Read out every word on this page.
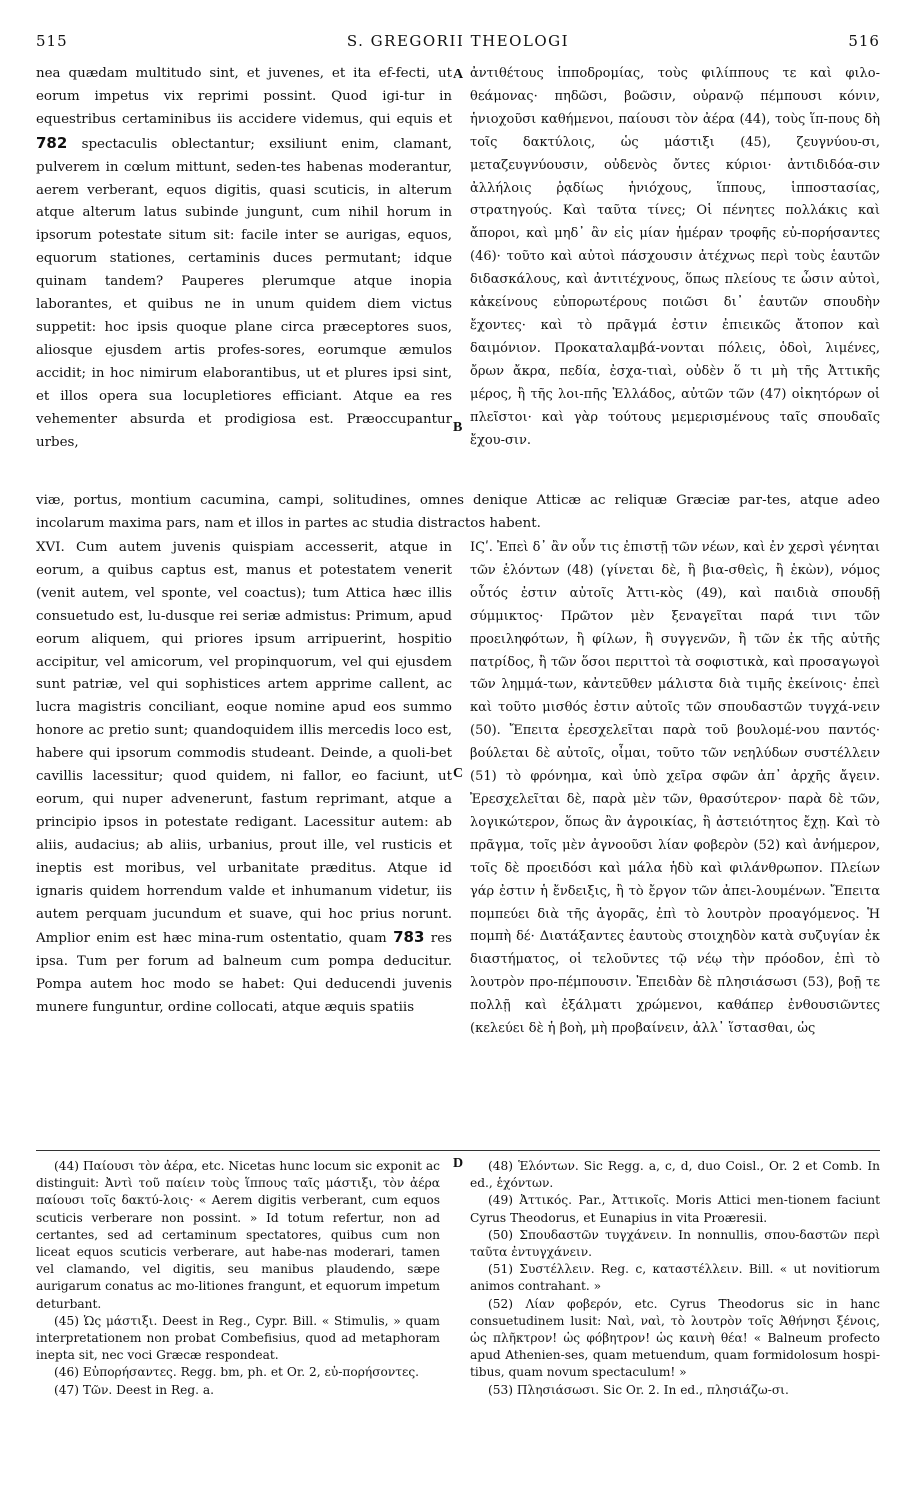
515	S. GREGORII THEOLOGI	516

nea quædam multitudo sint, et juvenes, et ita ef-fecti, ut eorum impetus vix reprimi possint. Quod igi-tur in equestribus certaminibus iis accidere videmus, qui equis et 782 spectaculis oblectantur; exsiliunt enim, clamant, pulverem in cœlum mittunt, seden-tes habenas moderantur, aerem verberant, equos digitis, quasi scuticis, in alterum atque alterum latus subinde jungunt, cum nihil horum in ipsorum potestate situm sit: facile inter se aurigas, equos, equorum stationes, certaminis duces permutant; idque quinam tandem? Pauperes plerumque atque inopia laborantes, et quibus ne in unum quidem diem victus suppetit: hoc ipsis quoque plane circa præceptores suos, aliosque ejusdem artis profes-sores, eorumque æmulos accidit; in hoc nimirum elaborantibus, ut et plures ipsi sint, et illos opera sua locupletiores efficiant. Atque ea res vehementer absurda et prodigiosa est. Præoccupantur urbes,

A
B
C
D

ἀντιθέτους ἱπποδρομίας, τοὺς φιλίππους τε καὶ φιλο-θεάμονας· πηδῶσι, βοῶσιν, οὐρανῷ πέμπουσι κόνιν, ἡνιοχοῦσι καθήμενοι, παίουσι τὸν ἀέρα (44), τοὺς ἵπ-πους δὴ τοῖς δακτύλοις, ὡς μάστιξι (45), ζευγνύου-σι, μεταζευγνύουσιν, οὐδενὸς ὄντες κύριοι· ἀντιδιδόα-σιν ἀλλήλοις ῥᾳδίως ἡνιόχους, ἵππους, ἱπποστασίας, στρατηγούς. Καὶ ταῦτα τίνες; Οἱ πένητες πολλάκις καὶ ἄποροι, καὶ μηδ᾽ ἂν εἰς μίαν ἡμέραν τροφῆς εὐ-πορήσαντες (46)· τοῦτο καὶ αὐτοὶ πάσχουσιν ἀτέχνως περὶ τοὺς ἑαυτῶν διδασκάλους, καὶ ἀντιτέχνους, ὅπως πλείους τε ὦσιν αὐτοὶ, κἀκείνους εὐπορωτέρους ποιῶσι δι᾽ ἑαυτῶν σπουδὴν ἔχοντες· καὶ τὸ πρᾶγμά ἐστιν ἐπιεικῶς ἄτοπον καὶ δαιμόνιον. Προκαταλαμβά-νονται πόλεις, ὁδοὶ, λιμένες, ὄρων ἄκρα, πεδία, ἐσχα-τιαὶ, οὐδὲν ὅ τι μὴ τῆς Ἀττικῆς μέρος, ἢ τῆς λοι-πῆς Ἑλλάδος, αὐτῶν τῶν (47) οἰκητόρων οἱ πλεῖστοι· καὶ γὰρ τούτους μεμερισμένους ταῖς σπουδαῖς ἔχου-σιν.

viæ, portus, montium cacumina, campi, solitudines, omnes denique Atticæ ac reliquæ Græciæ par-tes, atque adeo incolarum maxima pars, nam et illos in partes ac studia distractos habent.

XVI. Cum autem juvenis quispiam accesserit, atque in eorum, a quibus captus est, manus et potestatem venerit (venit autem, vel sponte, vel coactus); tum Attica hæc illis consuetudo est, lu-dusque rei seriæ admistus: Primum, apud eorum aliquem, qui priores ipsum arripuerint, hospitio accipitur, vel amicorum, vel propinquorum, vel qui ejusdem sunt patriæ, vel qui sophistices artem apprime callent, ac lucra magistris conciliant, eoque nomine apud eos summo honore ac pretio sunt; quandoquidem illis mercedis loco est, habere qui ipsorum commodis studeant. Deinde, a quoli-bet cavillis lacessitur; quod quidem, ni fallor, eo faciunt, ut eorum, qui nuper advenerunt, fastum reprimant, atque a principio ipsos in potestate redigant. Lacessitur autem: ab aliis, audacius; ab aliis, urbanius, prout ille, vel rusticis et ineptis est moribus, vel urbanitate præditus. Atque id ignaris quidem horrendum valde et inhumanum videtur, iis autem perquam jucundum et suave, qui hoc prius norunt. Amplior enim est hæc mina-rum ostentatio, quam 783 res ipsa. Tum per forum ad balneum cum pompa deducitur. Pompa autem hoc modo se habet: Qui deducendi juvenis munere funguntur, ordine collocati, atque æquis spatiis

ΙϚʹ. Ἐπεὶ δ᾽ ἂν οὖν τις ἐπιστῇ τῶν νέων, καὶ ἐν χερσὶ γένηται τῶν ἑλόντων (48) (γίνεται δὲ, ἢ βια-σθεὶς, ἢ ἑκὼν), νόμος οὗτός ἐστιν αὐτοῖς Ἀττι-κὸς (49), καὶ παιδιὰ σπουδῇ σύμμικτος· Πρῶτον μὲν ξεναγεῖται παρά τινι τῶν προειληφότων, ἢ φίλων, ἢ συγγενῶν, ἢ τῶν ἐκ τῆς αὐτῆς πατρίδος, ἢ τῶν ὅσοι περιττοὶ τὰ σοφιστικὰ, καὶ προσαγωγοὶ τῶν λημμά-των, κἀντεῦθεν μάλιστα διὰ τιμῆς ἐκείνοις· ἐπεὶ καὶ τοῦτο μισθός ἐστιν αὐτοῖς τῶν σπουδαστῶν τυγχά-νειν (50). Ἔπειτα ἐρεσχελεῖται παρὰ τοῦ βουλομέ-νου παντός· βούλεται δὲ αὐτοῖς, οἶμαι, τοῦτο τῶν νεηλύδων συστέλλειν (51) τὸ φρόνημα, καὶ ὑπὸ χεῖρα σφῶν ἀπ᾽ ἀρχῆς ἄγειν. Ἐρεσχελεῖται δὲ, παρὰ μὲν τῶν, θρασύτερον· παρὰ δὲ τῶν, λογικώτερον, ὅπως ἂν ἀγροικίας, ἢ ἀστειότητος ἔχῃ. Καὶ τὸ πρᾶγμα, τοῖς μὲν ἀγνοοῦσι λίαν φοβερὸν (52) καὶ ἀνήμερον, τοῖς δὲ προειδόσι καὶ μάλα ἡδὺ καὶ φιλάνθρωπον. Πλείων γάρ ἐστιν ἡ ἔνδειξις, ἢ τὸ ἔργον τῶν ἀπει-λουμένων. Ἔπειτα πομπεύει διὰ τῆς ἀγορᾶς, ἐπὶ τὸ λουτρὸν προαγόμενος. Ἡ πομπὴ δέ· Διατάξαντες ἑαυτοὺς στοιχηδὸν κατὰ συζυγίαν ἐκ διαστήματος, οἱ τελοῦντες τῷ νέῳ τὴν πρόοδον, ἐπὶ τὸ λουτρὸν προ-πέμπουσιν. Ἐπειδὰν δὲ πλησιάσωσι (53), βοῇ τε πολλῇ καὶ ἐξάλματι χρώμενοι, καθάπερ ἐνθουσιῶντες (κελεύει δὲ ἡ βοὴ, μὴ προβαίνειν, ἀλλ᾽ ἵστασθαι, ὡς

(44) Παίουσι τὸν ἀέρα, etc. Nicetas hunc locum sic exponit ac distinguit: Ἀντὶ τοῦ παίειν τοὺς ἵππους ταῖς μάστιξι, τὸν ἀέρα παίουσι τοῖς δακτύ-λοις· « Aerem digitis verberant, cum equos scuticis verberare non possint. » Id totum refertur, non ad certantes, sed ad certaminum spectatores, quibus cum non liceat equos scuticis verberare, aut habe-nas moderari, tamen vel clamando, vel digitis, seu manibus plaudendo, sæpe aurigarum conatus ac mo-litiones frangunt, et equorum impetum deturbant.

(45) Ὡς μάστιξι. Deest in Reg., Cypr. Bill. « Stimulis, » quam interpretationem non probat Combefisius, quod ad metaphoram inepta sit, nec voci Græcæ respondeat.

(46) Εὐπορήσαντες. Regg. bm, ph. et Or. 2, εὐ-πορήσοντες.

(47) Τῶν. Deest in Reg. a.

(48) Ἑλόντων. Sic Regg. a, c, d, duo Coisl., Or. 2 et Comb. In ed., ἑχόντων.

(49) Ἀττικός. Par., Ἀττικοῖς. Moris Attici men-tionem faciunt Cyrus Theodorus, et Eunapius in vita Proæresii.

(50) Σπουδαστῶν τυγχάνειν. In nonnullis, σπου-δαστῶν περὶ ταῦτα ἐντυγχάνειν.

(51) Συστέλλειν. Reg. c, καταστέλλειν. Bill. « ut novitiorum animos contrahant. »

(52) Λίαν φοβερόν, etc. Cyrus Theodorus sic in hanc consuetudinem lusit: Ναὶ, ναὶ, τὸ λουτρὸν τοῖς Ἀθήνησι ξένοις, ὡς πλῆκτρον! ὡς φόβητρον! ὡς καινὴ θέα! « Balneum profecto apud Athenien-ses, quam metuendum, quam formidolosum hospi-tibus, quam novum spectaculum! »

(53) Πλησιάσωσι. Sic Or. 2. In ed., πλησιάζω-σι.
